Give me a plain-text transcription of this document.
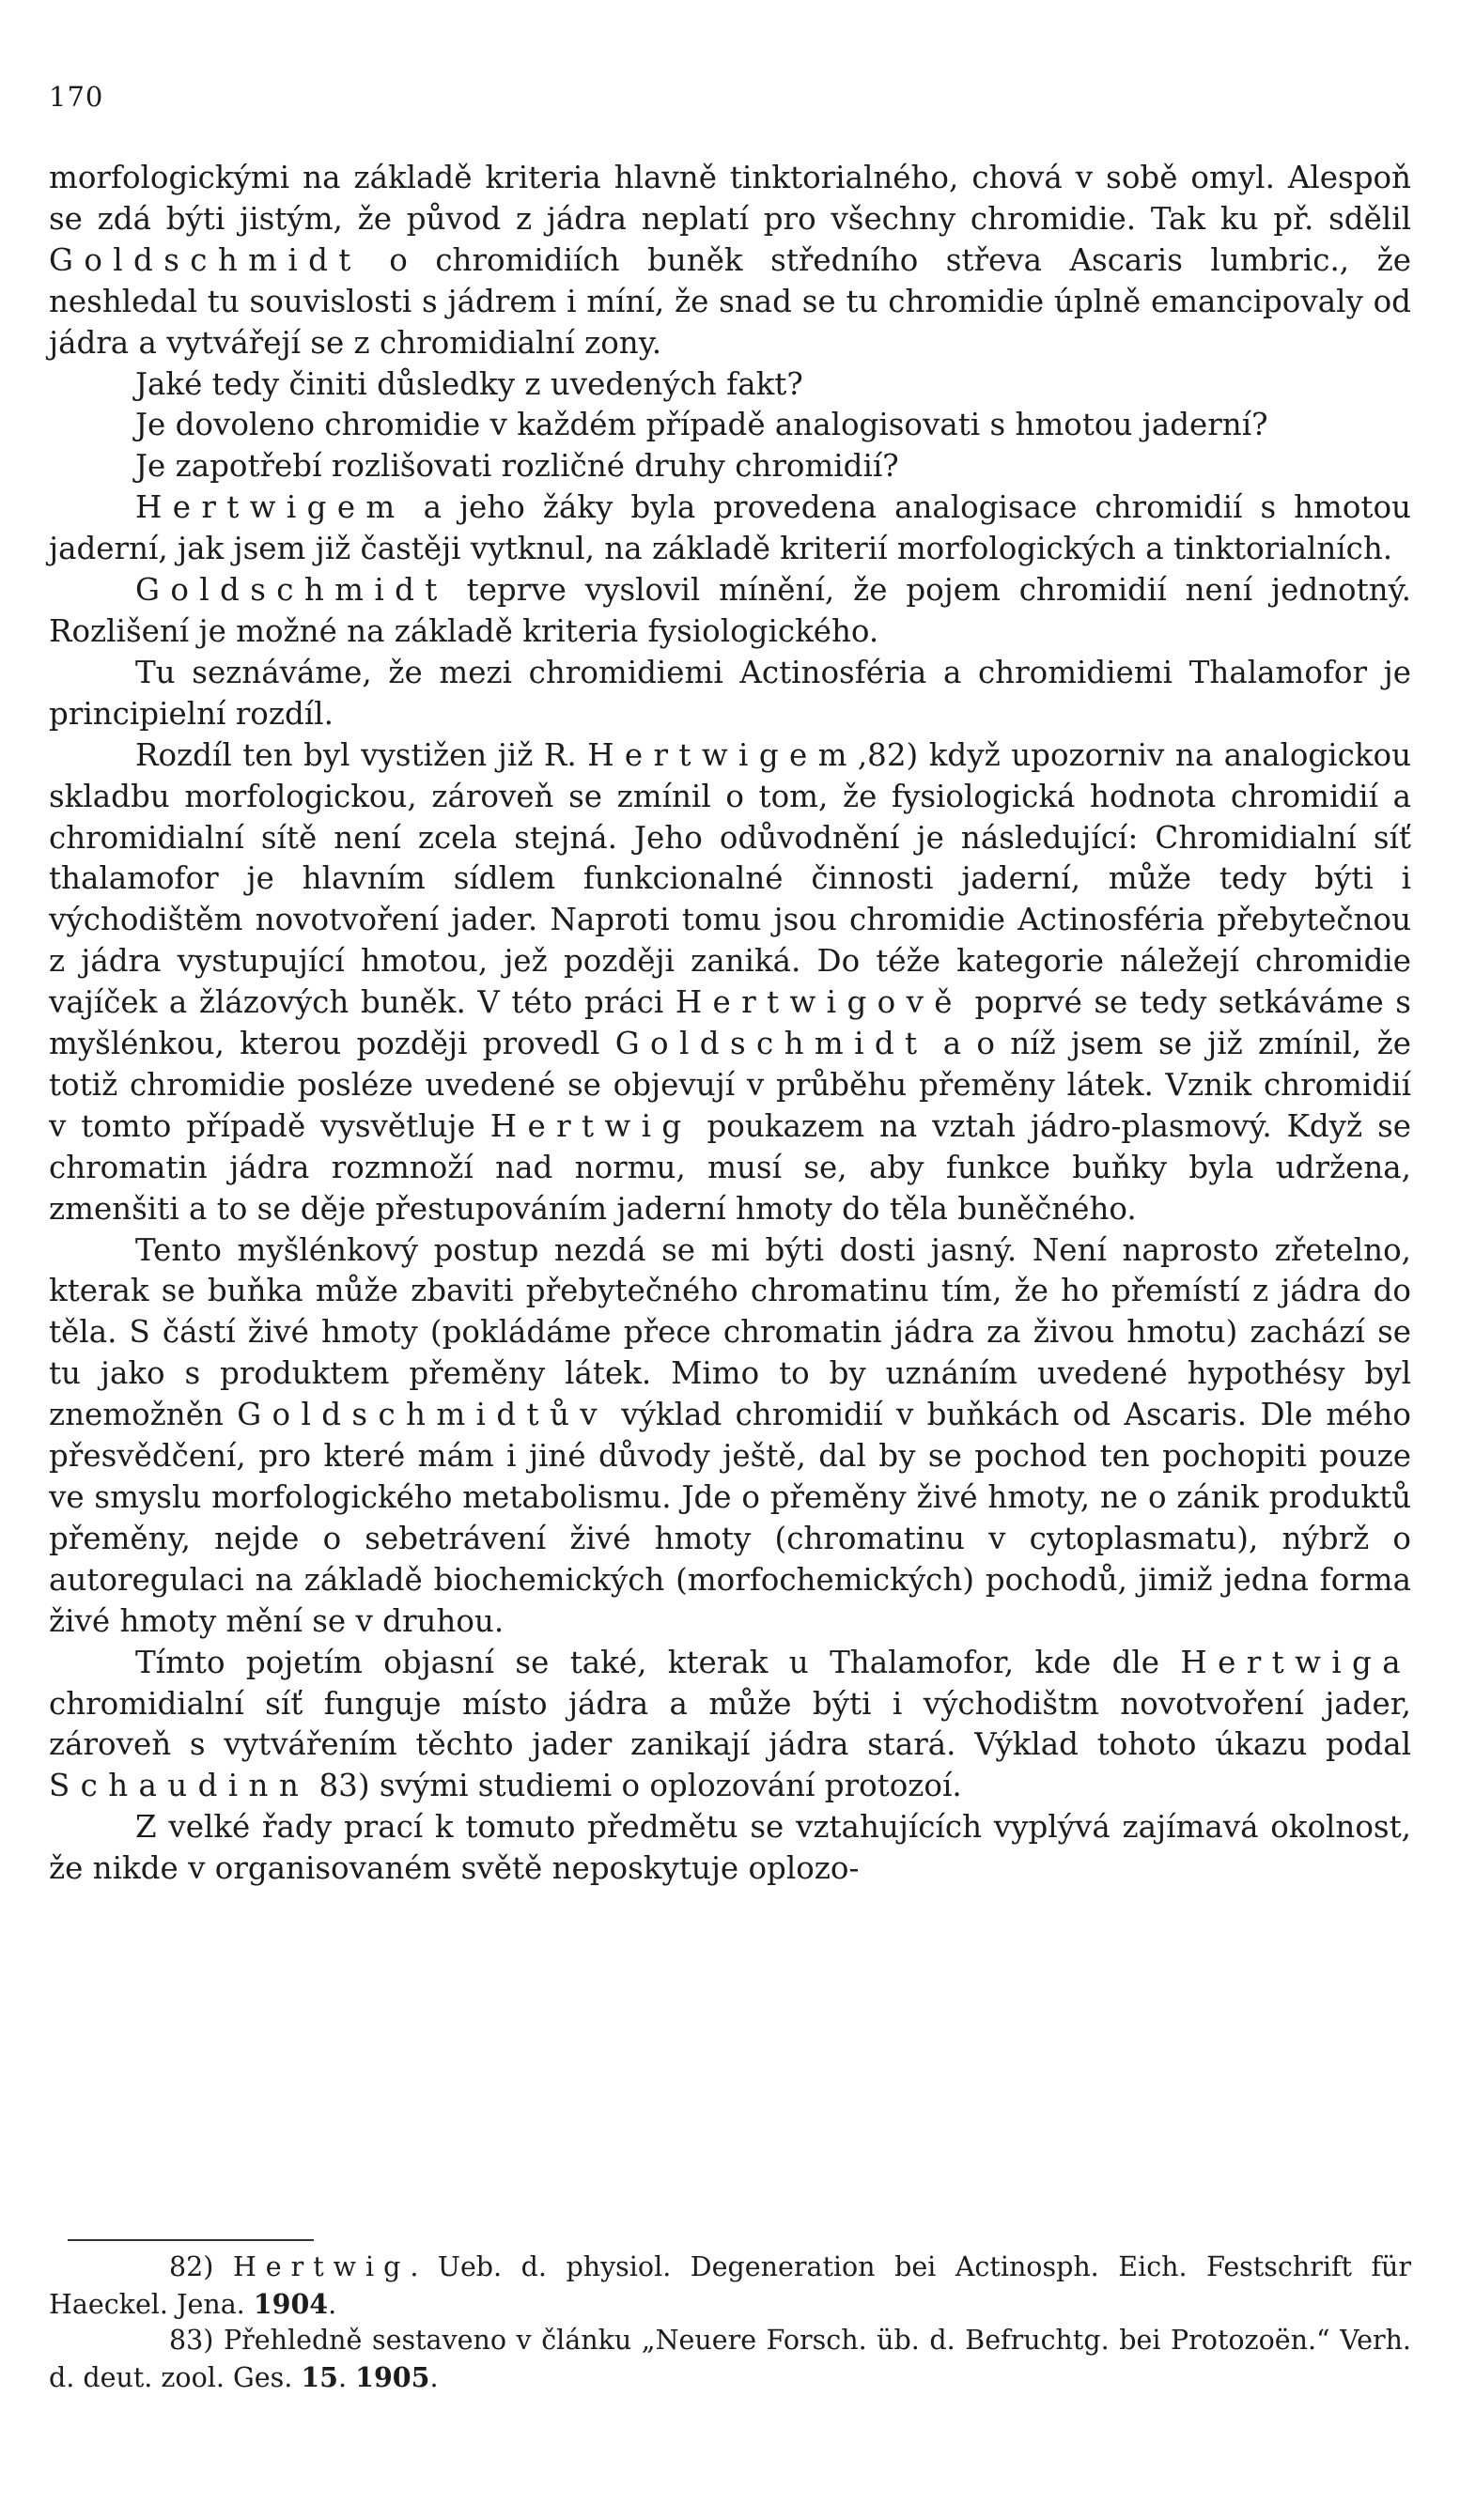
170

morfologickými na základě kriteria hlavně tinktorialného, chová v sobě omyl. Alespoň se zdá býti jistým, že původ z jádra neplatí pro všechny chromidie. Tak ku př. sdělil Goldschmidt o chromidiích buněk středního střeva Ascaris lumbric., že neshledal tu souvislosti s jádrem i míní, že snad se tu chromidie úplně emancipovaly od jádra a vytvářejí se z chromidialní zony.

Jaké tedy činiti důsledky z uvedených fakt?

Je dovoleno chromidie v každém případě analogisovati s hmotou jaderní?

Je zapotřebí rozlišovati rozličné druhy chromidií?

Hertwigem a jeho žáky byla provedena analogisace chromidií s hmotou jaderní, jak jsem již častěji vytknul, na základě kriterií morfologických a tinktorialních.

Goldschmidt teprve vyslovil mínění, že pojem chromidií není jednotný. Rozlišení je možné na základě kriteria fysiologického.

Tu seznáváme, že mezi chromidiemi Actinosféria a chromidiemi Thalamofor je principielní rozdíl.

Rozdíl ten byl vystižen již R. Hertwigem,82) když upozorniv na analogickou skladbu morfologickou, zároveň se zmínil o tom, že fysiologická hodnota chromidií a chromidialní sítě není zcela stejná. Jeho odůvodnění je následující: Chromidialní síť thalamofor je hlavním sídlem funkcionalné činnosti jaderní, může tedy býti i východištěm novotvoření jader. Naproti tomu jsou chromidie Actinosféria přebytečnou z jádra vystupující hmotou, jež později zaniká. Do téže kategorie náležejí chromidie vajíček a žlázových buněk. V této práci Hertwigově poprvé se tedy setkáváme s myšlénkou, kterou později provedl Goldschmidt a o níž jsem se již zmínil, že totiž chromidie posléze uvedené se objevují v průběhu přeměny látek. Vznik chromidií v tomto případě vysvětluje Hertwig poukazem na vztah jádro-plasmový. Když se chromatin jádra rozmnoží nad normu, musí se, aby funkce buňky byla udržena, zmenšiti a to se děje přestupováním jaderní hmoty do těla buněčného.

Tento myšlénkový postup nezdá se mi býti dosti jasný. Není naprosto zřetelno, kterak se buňka může zbaviti přebytečného chromatinu tím, že ho přemístí z jádra do těla. S částí živé hmoty (pokládáme přece chromatin jádra za živou hmotu) zachází se tu jako s produktem přeměny látek. Mimo to by uznáním uvedené hypothésy byl znemožněn Goldschmidtův výklad chromidií v buňkách od Ascaris. Dle mého přesvědčení, pro které mám i jiné důvody ještě, dal by se pochod ten pochopiti pouze ve smyslu morfologického metabolismu. Jde o přeměny živé hmoty, ne o zánik produktů přeměny, nejde o sebetrávení živé hmoty (chromatinu v cytoplasmatu), nýbrž o autoregulaci na základě biochemických (morfochemických) pochodů, jimiž jedna forma živé hmoty mění se v druhou.

Tímto pojetím objasní se také, kterak u Thalamofor, kde dle Hertwiga chromidialní síť funguje místo jádra a může býti i východištm novotvoření jader, zároveň s vytvářením těchto jader zanikají jádra stará. Výklad tohoto úkazu podal Schaudinn 83) svými studiemi o oplozování protozoí.

Z velké řady prací k tomuto předmětu se vztahujících vyplývá zajímavá okolnost, že nikde v organisovaném světě neposkytuje oplozo-

82) Hertwig. Ueb. d. physiol. Degeneration bei Actinosph. Eich. Festschrift für Haeckel. Jena. 1904.

83) Přehledně sestaveno v článku „Neuere Forsch. üb. d. Befruchtg. bei Protozoën.“ Verh. d. deut. zool. Ges. 15. 1905.
